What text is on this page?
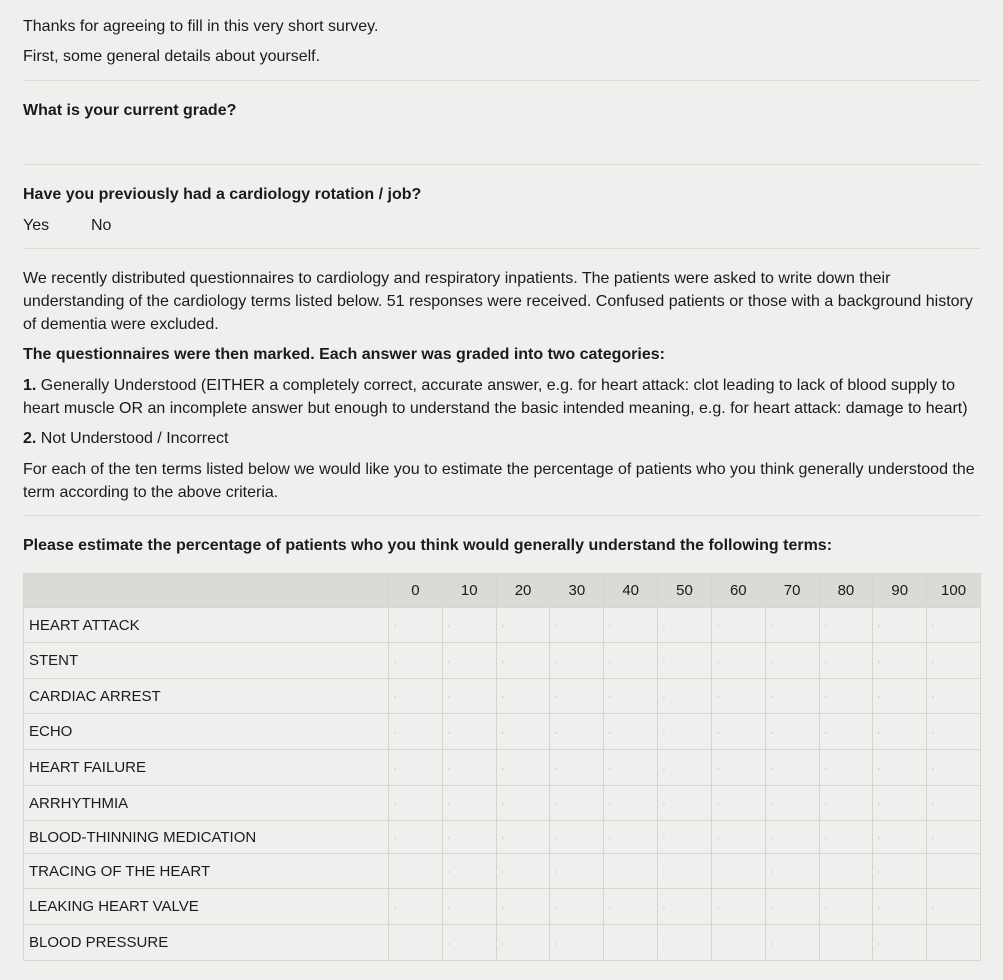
Thanks for agreeing to fill in this very short survey.

First, some general details about yourself.

What is your current grade?
Have you previously had a cardiology rotation / job?
Yes	No
We recently distributed questionnaires to cardiology and respiratory inpatients. The patients were asked to write down their understanding of the cardiology terms listed below. 51 responses were received. Confused patients or those with a background history of dementia were excluded.
The questionnaires were then marked. Each answer was graded into two categories:
1. Generally Understood (EITHER a completely correct, accurate answer, e.g. for heart attack: clot leading to lack of blood supply to heart muscle OR an incomplete answer but enough to understand the basic intended meaning, e.g. for heart attack: damage to heart)
2. Not Understood / Incorrect
For each of the ten terms listed below we would like you to estimate the percentage of patients who you think generally understood the term according to the above criteria.
Please estimate the percentage of patients who you think would generally understand the following terms:
	0	10	20	30	40	50	60	70	80	90	100
HEART ATTACK	

STENT	

CARDIAC ARREST	

ECHO	

HEART FAILURE	

ARRHYTHMIA	

BLOOD-THINNING MEDICATION	

TRACING OF THE HEART	

LEAKING HEART VALVE	

BLOOD PRESSURE	
